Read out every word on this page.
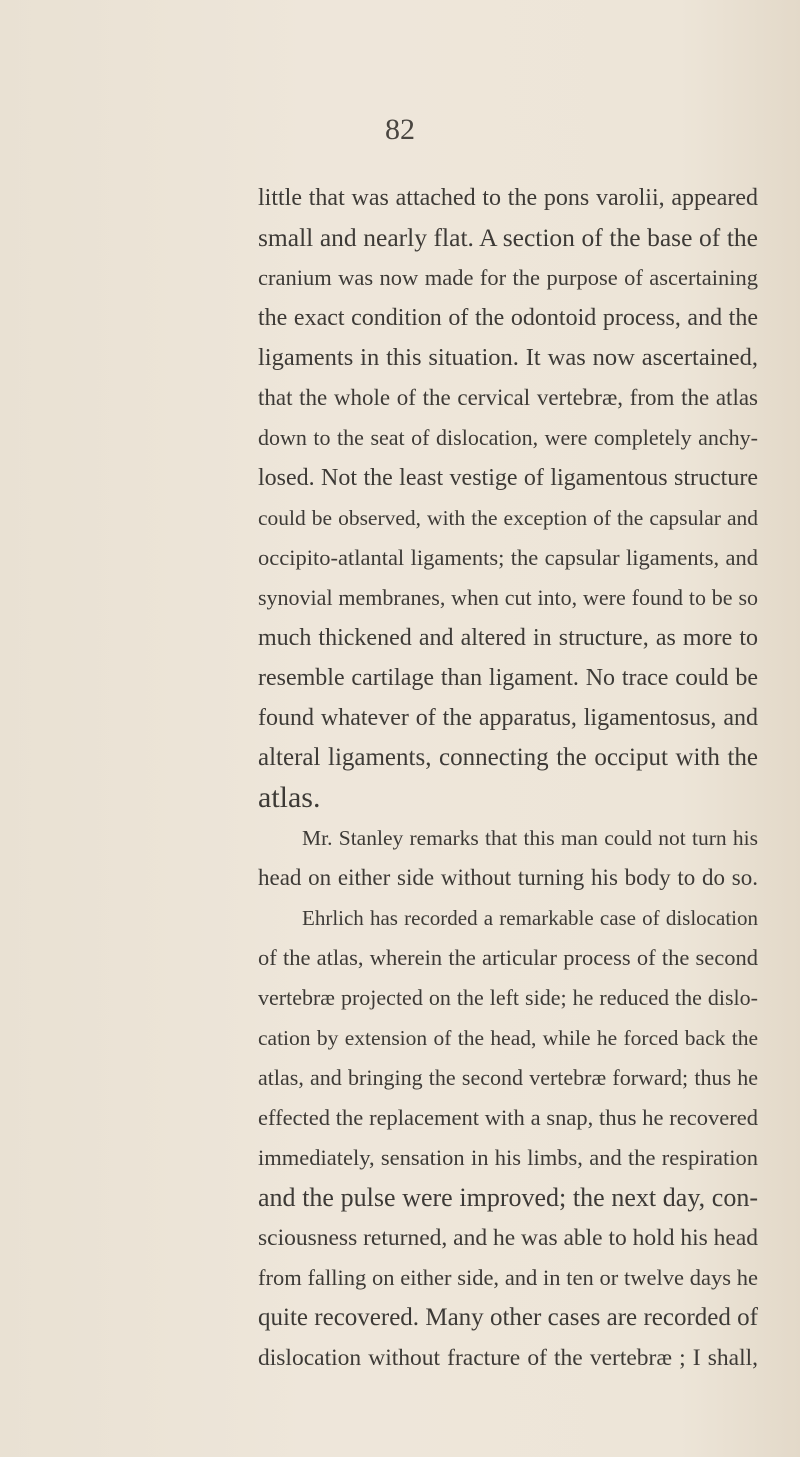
82
little that was attached to the pons varolii, appeared
small and nearly flat. A section of the base of the
cranium was now made for the purpose of ascertaining
the exact condition of the odontoid process, and the
ligaments in this situation. It was now ascertained,
that the whole of the cervical vertebræ, from the atlas
down to the seat of dislocation, were completely anchy-
losed. Not the least vestige of ligamentous structure
could be observed, with the exception of the capsular and
occipito-atlantal ligaments; the capsular ligaments, and
synovial membranes, when cut into, were found to be so
much thickened and altered in structure, as more to
resemble cartilage than ligament. No trace could be
found whatever of the apparatus, ligamentosus, and
alteral ligaments, connecting the occiput with the
atlas.
Mr. Stanley remarks that this man could not turn his
head on either side without turning his body to do so.
Ehrlich has recorded a remarkable case of dislocation
of the atlas, wherein the articular process of the second
vertebræ projected on the left side; he reduced the dislo-
cation by extension of the head, while he forced back the
atlas, and bringing the second vertebræ forward; thus he
effected the replacement with a snap, thus he recovered
immediately, sensation in his limbs, and the respiration
and the pulse were improved; the next day, con-
sciousness returned, and he was able to hold his head
from falling on either side, and in ten or twelve days he
quite recovered. Many other cases are recorded of
dislocation without fracture of the vertebræ ; I shall,
